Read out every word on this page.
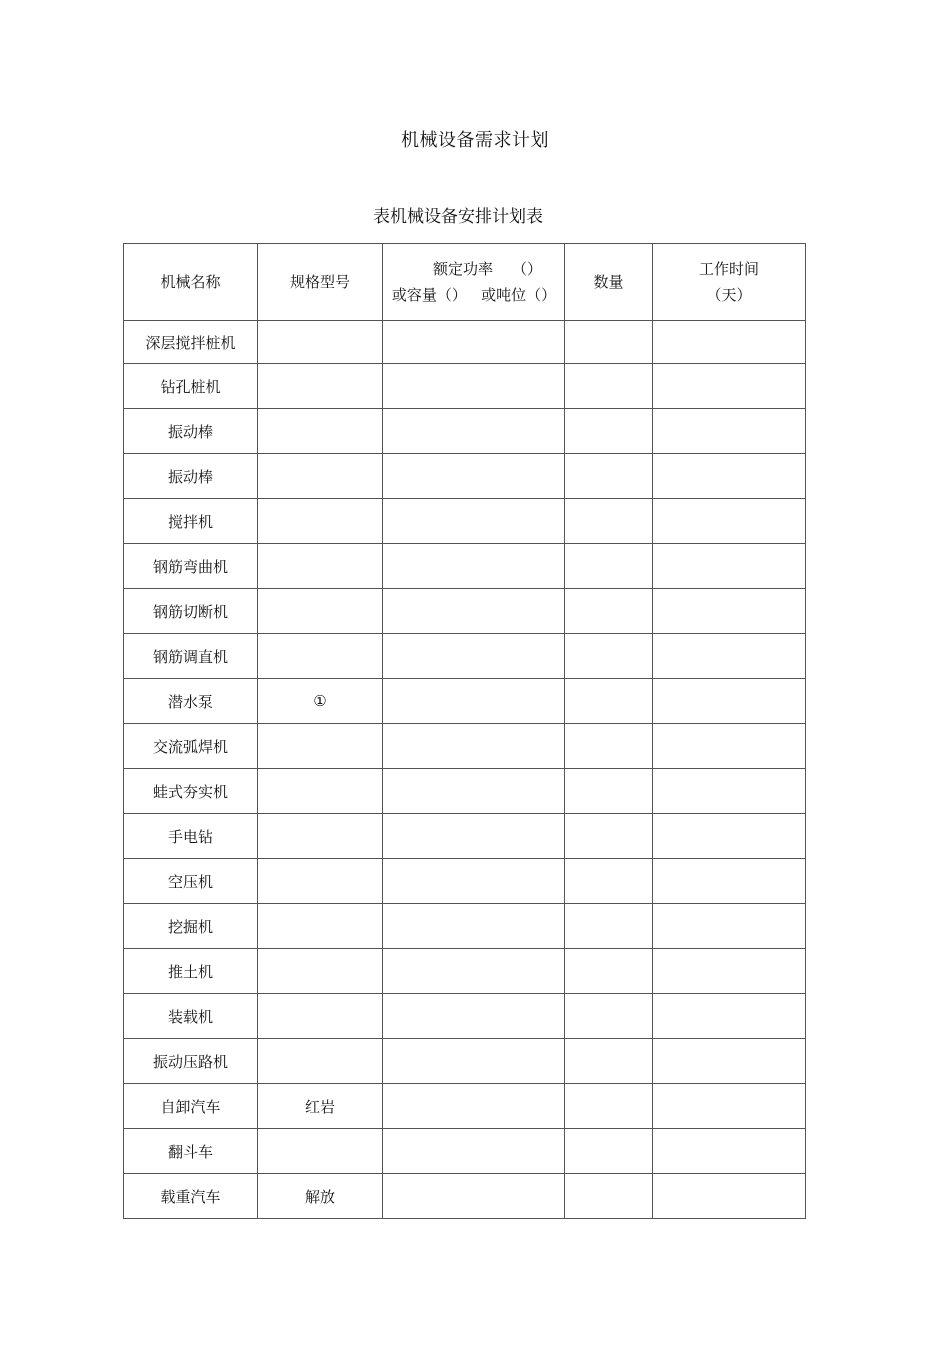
机械设备需求计划
表机械设备安排计划表
机械名称	规格型号	额定功率    （）
或容量（）   或吨位（）	数量	工作时间
（天）

深层搅拌桩机				
钻孔桩机				
振动棒				
振动棒				
搅拌机				
钢筋弯曲机				
钢筋切断机				
钢筋调直机				
潜水泵	①			
交流弧焊机				
蛙式夯实机				
手电钻				
空压机				
挖掘机				
推土机				
装载机				
振动压路机				
自卸汽车	红岩			
翻斗车				
载重汽车	解放			
